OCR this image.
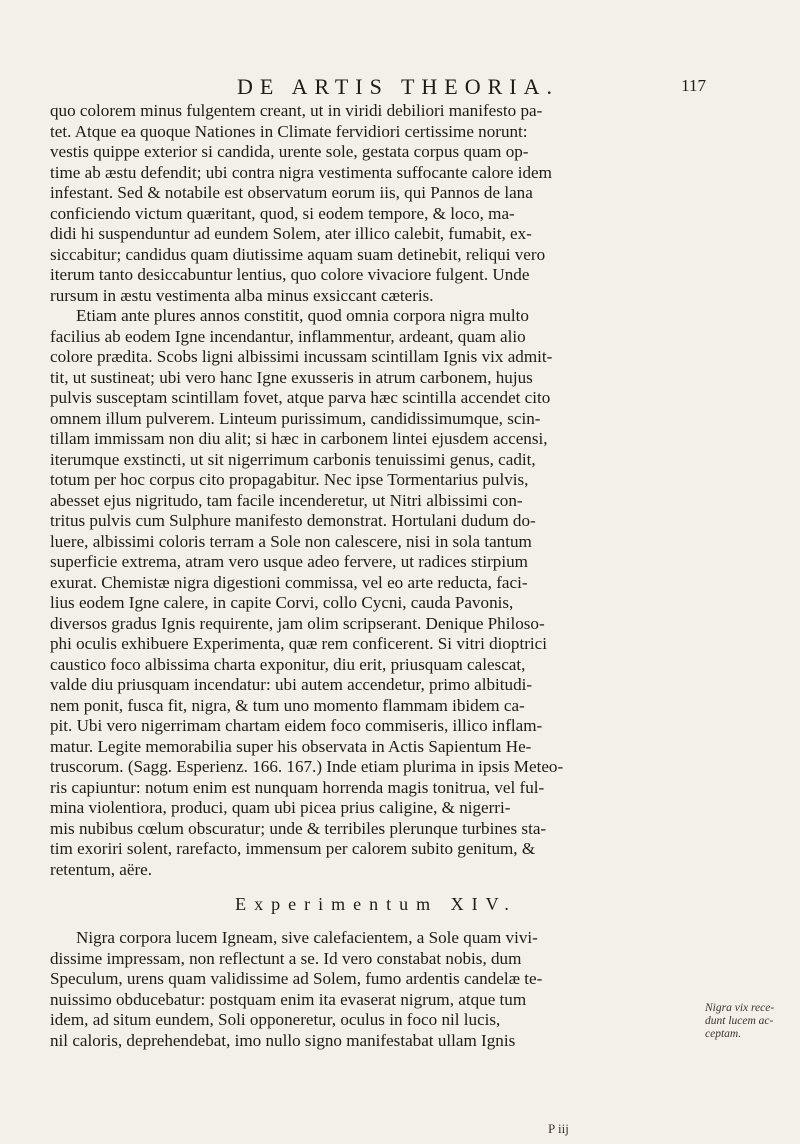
DE ARTIS THEORIA.	117
quo colorem minus fulgentem creant, ut in viridi debiliori manifesto pa-
tet. Atque ea quoque Nationes in Climate fervidiori certissime norunt:
vestis quippe exterior si candida, urente sole, gestata corpus quam op-
time ab æstu defendit; ubi contra nigra vestimenta suffocante calore idem
infestant. Sed & notabile est observatum eorum iis, qui Pannos de lana
conficiendo victum quæritant, quod, si eodem tempore, & loco, ma-
didi hi suspenduntur ad eundem Solem, ater illico calebit, fumabit, ex-
siccabitur; candidus quam diutissime aquam suam detinebit, reliqui vero
iterum tanto desiccabuntur lentius, quo colore vivaciore fulgent. Unde
rursum in æstu vestimenta alba minus exsiccant cæteris.
Etiam ante plures annos constitit, quod omnia corpora nigra multo
facilius ab eodem Igne incendantur, inflammentur, ardeant, quam alio
colore prædita. Scobs ligni albissimi incussam scintillam Ignis vix admit-
tit, ut sustineat; ubi vero hanc Igne exusseris in atrum carbonem, hujus
pulvis susceptam scintillam fovet, atque parva hæc scintilla accendet cito
omnem illum pulverem. Linteum purissimum, candidissimumque, scin-
tillam immissam non diu alit; si hæc in carbonem lintei ejusdem accensi,
iterumque exstincti, ut sit nigerrimum carbonis tenuissimi genus, cadit,
totum per hoc corpus cito propagabitur. Nec ipse Tormentarius pulvis,
abesset ejus nigritudo, tam facile incenderetur, ut Nitri albissimi con-
tritus pulvis cum Sulphure manifesto demonstrat. Hortulani dudum do-
luere, albissimi coloris terram a Sole non calescere, nisi in sola tantum
superficie extrema, atram vero usque adeo fervere, ut radices stirpium
exurat. Chemistæ nigra digestioni commissa, vel eo arte reducta, faci-
lius eodem Igne calere, in capite Corvi, collo Cycni, cauda Pavonis,
diversos gradus Ignis requirente, jam olim scripserant. Denique Philoso-
phi oculis exhibuere Experimenta, quæ rem conficerent. Si vitri dioptrici
caustico foco albissima charta exponitur, diu erit, priusquam calescat,
valde diu priusquam incendatur: ubi autem accendetur, primo albitudi-
nem ponit, fusca fit, nigra, & tum uno momento flammam ibidem ca-
pit. Ubi vero nigerrimam chartam eidem foco commiseris, illico inflam-
matur. Legite memorabilia super his observata in Actis Sapientum He-
truscorum. (Sagg. Esperienz. 166. 167.) Inde etiam plurima in ipsis Meteo-
ris capiuntur: notum enim est nunquam horrenda magis tonitrua, vel ful-
mina violentiora, produci, quam ubi picea prius caligine, & nigerri-
mis nubibus cœlum obscuratur; unde & terribiles plerunque turbines sta-
tim exoriri solent, rarefacto, immensum per calorem subito genitum, &
retentum, aëre.
Experimentum XIV.
Nigra corpora lucem Igneam, sive calefacientem, a Sole quam vivi-
dissime impressam, non reflectunt a se. Id vero constabat nobis, dum
Speculum, urens quam validissime ad Solem, fumo ardentis candelæ te-
nuissimo obducebatur: postquam enim ita evaserat nigrum, atque tum
idem, ad situm eundem, Soli opponeretur, oculus in foco nil lucis,
nil caloris, deprehendebat, imo nullo signo manifestabat ullam Ignis
Nigra vix rece-
dunt lucem ac-
ceptam.
P iij
